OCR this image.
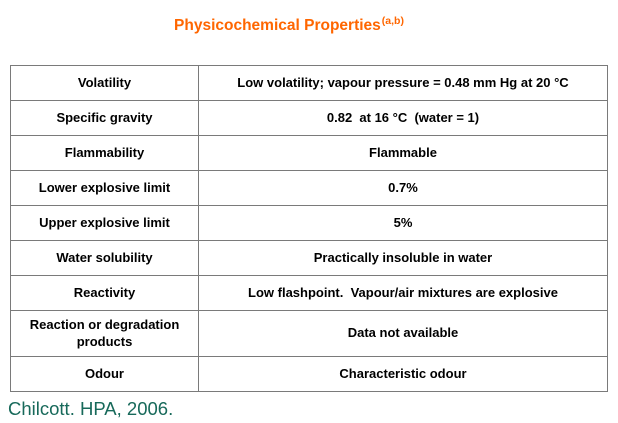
Physicochemical Properties$^{(a,b)}$
Volatility	Low volatility; vapour pressure = 0.48 mm Hg at 20 °C
Specific gravity	0.82  at 16 °C  (water = 1)
Flammability	Flammable
Lower explosive limit	0.7%
Upper explosive limit	5%
Water solubility	Practically insoluble in water
Reactivity	Low flashpoint.  Vapour/air mixtures are explosive
Reaction or degradation products	Data not available
Odour	Characteristic odour
Chilcott. HPA, 2006.
